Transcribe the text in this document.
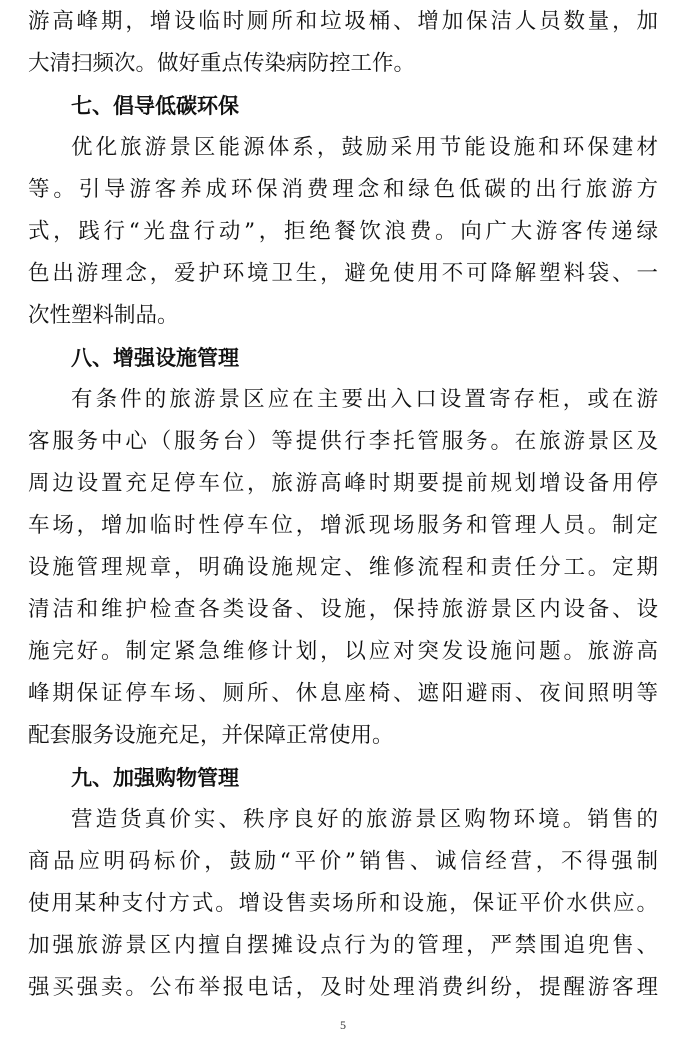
游高峰期，增设临时厕所和垃圾桶、增加保洁人员数量，加
大清扫频次。做好重点传染病防控工作。
七、倡导低碳环保
优化旅游景区能源体系，鼓励采用节能设施和环保建材
等。引导游客养成环保消费理念和绿色低碳的出行旅游方
式，践行“光盘行动”，拒绝餐饮浪费。向广大游客传递绿
色出游理念，爱护环境卫生，避免使用不可降解塑料袋、一
次性塑料制品。
八、增强设施管理
有条件的旅游景区应在主要出入口设置寄存柜，或在游
客服务中心（服务台）等提供行李托管服务。在旅游景区及
周边设置充足停车位，旅游高峰时期要提前规划增设备用停
车场，增加临时性停车位，增派现场服务和管理人员。制定
设施管理规章，明确设施规定、维修流程和责任分工。定期
清洁和维护检查各类设备、设施，保持旅游景区内设备、设
施完好。制定紧急维修计划，以应对突发设施问题。旅游高
峰期保证停车场、厕所、休息座椅、遮阳避雨、夜间照明等
配套服务设施充足，并保障正常使用。
九、加强购物管理
营造货真价实、秩序良好的旅游景区购物环境。销售的
商品应明码标价，鼓励“平价”销售、诚信经营，不得强制
使用某种支付方式。增设售卖场所和设施，保证平价水供应。
加强旅游景区内擅自摆摊设点行为的管理，严禁围追兜售、
强买强卖。公布举报电话，及时处理消费纠纷，提醒游客理
5
